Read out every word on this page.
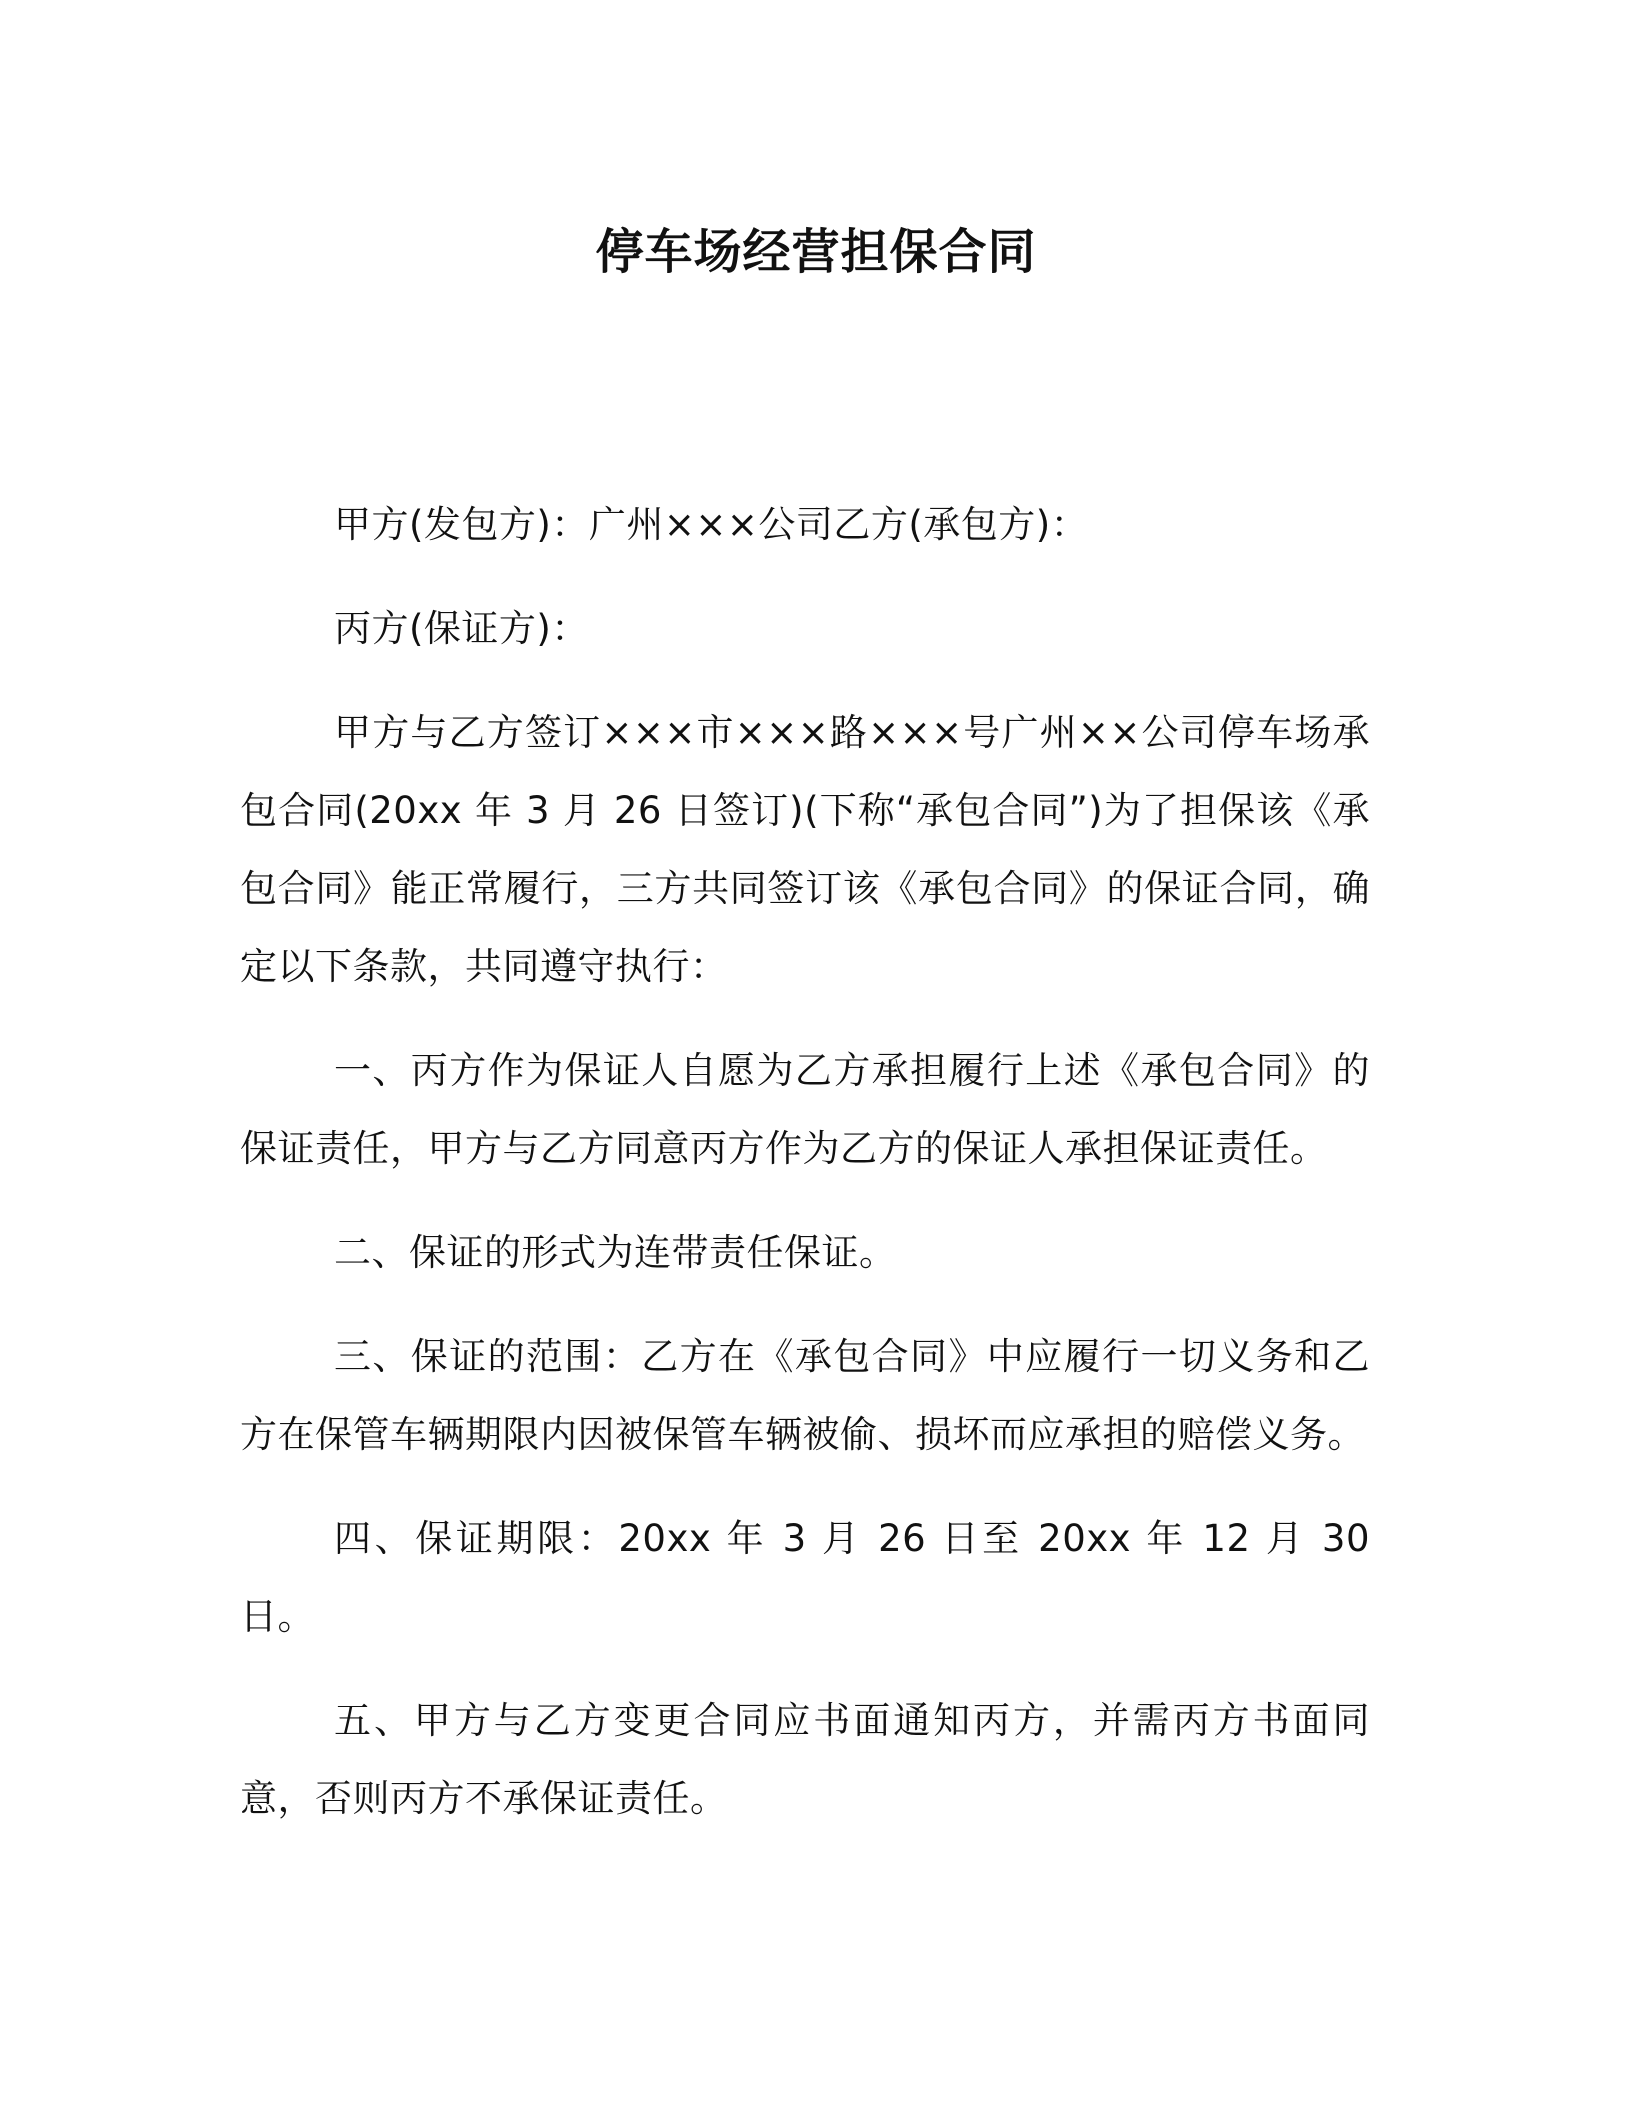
停车场经营担保合同

甲方(发包方)：广州×××公司乙方(承包方)：

丙方(保证方)：

甲方与乙方签订×××市×××路×××号广州××公司停车场承包合同(20xx 年 3 月 26 日签订)(下称“承包合同”)为了担保该《承包合同》能正常履行，三方共同签订该《承包合同》的保证合同，确定以下条款，共同遵守执行：

一、丙方作为保证人自愿为乙方承担履行上述《承包合同》的保证责任，甲方与乙方同意丙方作为乙方的保证人承担保证责任。

二、保证的形式为连带责任保证。

三、保证的范围：乙方在《承包合同》中应履行一切义务和乙方在保管车辆期限内因被保管车辆被偷、损坏而应承担的赔偿义务。

四、保证期限：20xx 年 3 月 26 日至 20xx 年 12 月 30 日。

五、甲方与乙方变更合同应书面通知丙方，并需丙方书面同意，否则丙方不承保证责任。
